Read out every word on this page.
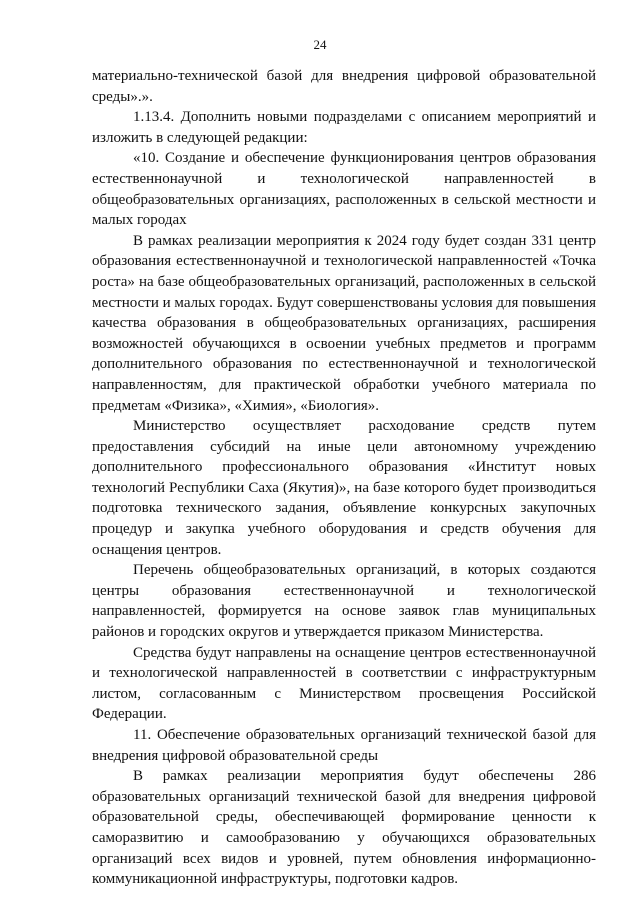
24

материально-технической базой для внедрения цифровой образовательной среды».».

1.13.4. Дополнить новыми подразделами с описанием мероприятий и изложить в следующей редакции:

«10. Создание и обеспечение функционирования центров образования естественнонаучной и технологической направленностей в общеобразовательных организациях, расположенных в сельской местности и малых городах

В рамках реализации мероприятия к 2024 году будет создан 331 центр образования естественнонаучной и технологической направленностей «Точка роста» на базе общеобразовательных организаций, расположенных в сельской местности и малых городах. Будут совершенствованы условия для повышения качества образования в общеобразовательных организациях, расширения возможностей обучающихся в освоении учебных предметов и программ дополнительного образования по естественнонаучной и технологической направленностям, для практической обработки учебного материала по предметам «Физика», «Химия», «Биология».

Министерство осуществляет расходование средств путем предоставления субсидий на иные цели автономному учреждению дополнительного профессионального образования «Институт новых технологий Республики Саха (Якутия)», на базе которого будет производиться подготовка технического задания, объявление конкурсных закупочных процедур и закупка учебного оборудования и средств обучения для оснащения центров.

Перечень общеобразовательных организаций, в которых создаются центры образования естественнонаучной и технологической направленностей, формируется на основе заявок глав муниципальных районов и городских округов и утверждается приказом Министерства.

Средства будут направлены на оснащение центров естественнонаучной и технологической направленностей в соответствии с инфраструктурным листом, согласованным с Министерством просвещения Российской Федерации.

11. Обеспечение образовательных организаций технической базой для внедрения цифровой образовательной среды

В рамках реализации мероприятия будут обеспечены 286 образовательных организаций технической базой для внедрения цифровой образовательной среды, обеспечивающей формирование ценности к саморазвитию и самообразованию у обучающихся образовательных организаций всех видов и уровней, путем обновления информационно-коммуникационной инфраструктуры, подготовки кадров.
